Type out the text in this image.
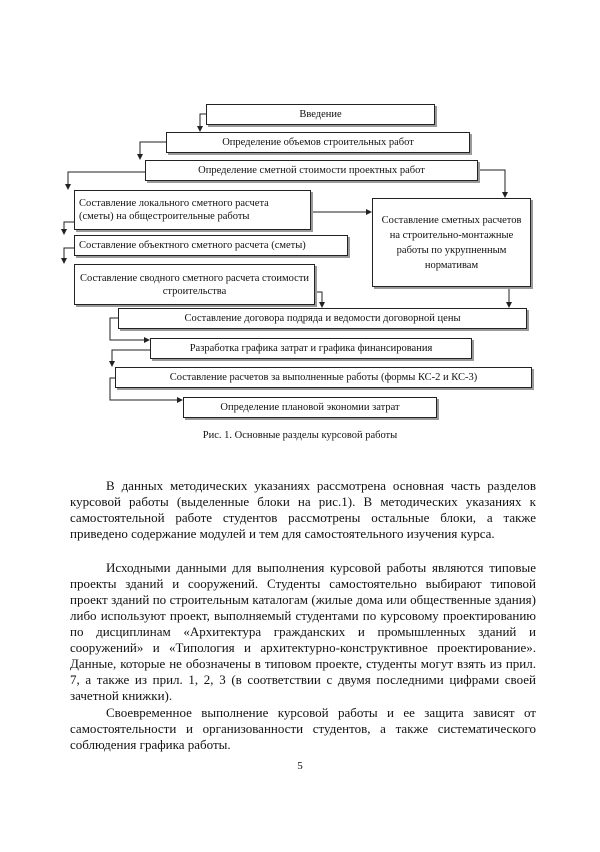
Введение
Определение объемов строительных работ
Определение сметной стоимости проектных работ
Составление локального сметного расчета (сметы) на общестроительные работы
Составление объектного сметного расчета (сметы)
Составление сводного сметного расчета стоимости строительства
Составление сметных расчетов на строительно-монтажные работы по укрупненным нормативам
Составление договора подряда и ведомости договорной цены
Разработка графика затрат и графика финансирования
Составление расчетов за выполненные работы (формы КС-2 и КС-3)
Определение плановой экономии затрат
Рис. 1. Основные разделы курсовой работы

В данных методических указаниях рассмотрена основная часть разделов курсовой работы (выделенные блоки на рис.1). В методических указаниях к самостоятельной работе студентов рассмотрены остальные блоки, а также приведено содержание модулей и тем для самостоятельного изучения курса.

Исходными данными для выполнения курсовой работы являются типовые проекты зданий и сооружений. Студенты самостоятельно выбирают типовой проект зданий по строительным каталогам (жилые дома или общественные здания) либо используют проект, выполняемый студентами по курсовому проектированию по дисциплинам «Архитектура гражданских и промышленных зданий и сооружений» и «Типология и архитектурно-конструктивное проектирование». Данные, которые не обозначены в типовом проекте, студенты могут взять из прил. 7, а также из прил. 1, 2, 3 (в соответствии с двумя последними цифрами своей зачетной книжки).

Своевременное выполнение курсовой работы и ее защита зависят от самостоятельности и организованности студентов, а также систематического соблюдения графика работы.

5
